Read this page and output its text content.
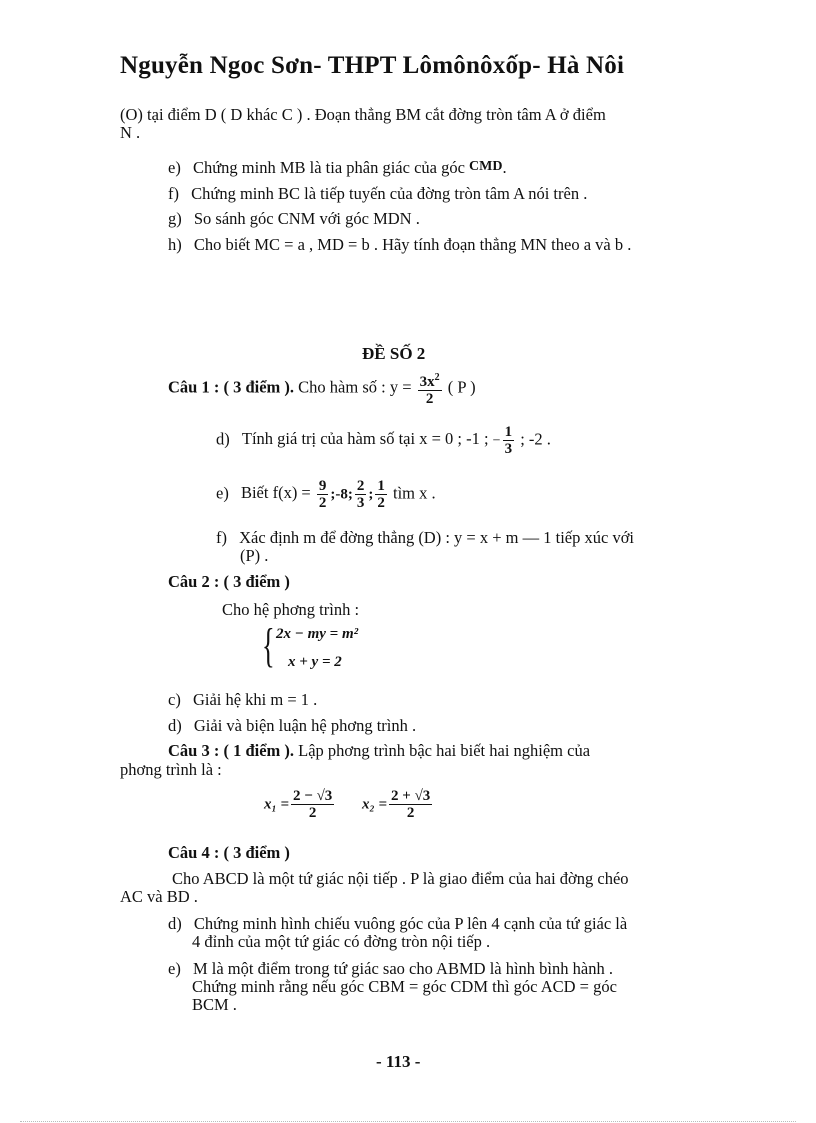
Nguyễn Ngoc Sơn- THPT Lômônôxốp- Hà Nôi
(O) tại điểm D ( D khác C ) . Đoạn thẳng BM cắt đờng tròn tâm A ở điểm
N .
e) Chứng minh MB là tia phân giác của góc CMD.
f) Chứng minh BC là tiếp tuyến của đờng tròn tâm A nói trên .
g) So sánh góc CNM với góc MDN .
h) Cho biết MC = a , MD = b . Hãy tính đoạn thẳng MN theo a và b .
ĐỀ SỐ 2
Câu 1 : ( 3 điểm ). Cho hàm số : $y = \frac{3x^2}{2}$ ( P )
d) Tính giá trị của hàm số tại x = 0 ; -1 ; − $\frac{1}{3}$ ; -2 .
e) Biết $f(x) = \frac{9}{2}$ ;-8; $\frac{2}{3}$ ; $\frac{1}{2}$ tìm x .
f) Xác định m để đờng thẳng (D) : y = x + m — 1 tiếp xúc với
(P) .
Câu 2 : ( 3 điểm )
Cho hệ phơng trình :
{ 2x − my = m²
x + y = 2
c) Giải hệ khi m = 1 .
d) Giải và biện luận hệ phơng trình .
Câu 3 : ( 1 điểm ). Lập phơng trình bậc hai biết hai nghiệm của
phơng trình là :
$x_1 = \frac{2 - √3}{2} x_2 = \frac{2 + √3}{2}$
Câu 4 : ( 3 điểm )
Cho ABCD là một tứ giác nội tiếp . P là giao điểm của hai đờng chéo
AC và BD .
d) Chứng minh hình chiếu vuông góc của P lên 4 cạnh của tứ giác là
4 đỉnh của một tứ giác có đờng tròn nội tiếp .
e) M là một điểm trong tứ giác sao cho ABMD là hình bình hành .
Chứng minh rằng nếu góc CBM = góc CDM thì góc ACD = góc
BCM .
- 113 -
